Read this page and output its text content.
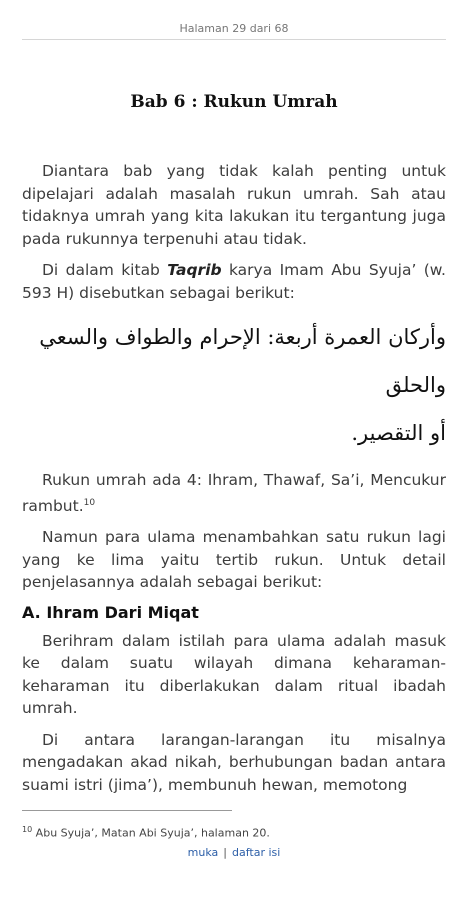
Halaman 29 dari 68
Bab 6 : Rukun Umrah

Diantara bab yang tidak kalah penting untuk dipelajari adalah masalah rukun umrah. Sah atau tidaknya umrah yang kita lakukan itu tergantung juga pada rukunnya terpenuhi atau tidak.

Di dalam kitab Taqrib karya Imam Abu Syuja’ (w. 593 H) disebutkan sebagai berikut:

وأركان العمرة أربعة: الإحرام والطواف والسعي والحلق
أو التقصير.

Rukun umrah ada 4: Ihram, Thawaf, Sa’i, Mencukur rambut.$^{10}$

Namun para ulama menambahkan satu rukun lagi yang ke lima yaitu tertib rukun. Untuk detail penjelasannya adalah sebagai berikut:

A. Ihram Dari Miqat

Berihram dalam istilah para ulama adalah masuk ke dalam suatu wilayah dimana keharaman-keharaman itu diberlakukan dalam ritual ibadah umrah.

Di antara larangan-larangan itu misalnya mengadakan akad nikah, berhubungan badan antara suami istri (jima’), membunuh hewan, memotong

$^{10}$ Abu Syuja’, Matan Abi Syuja’, halaman 20.
muka | daftar isi
